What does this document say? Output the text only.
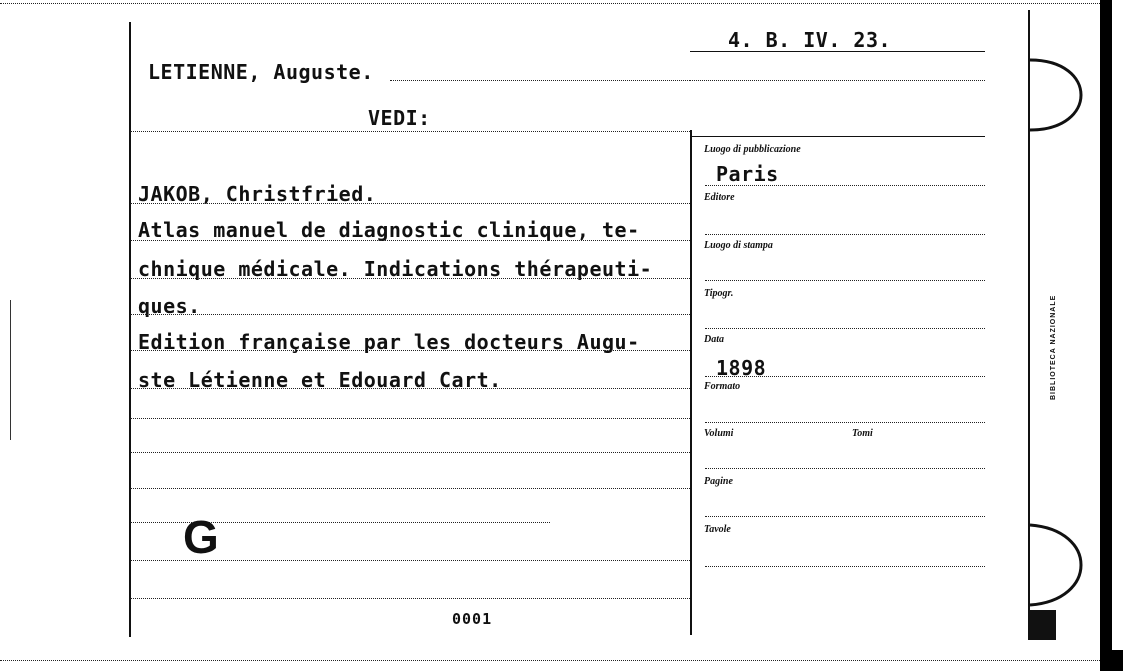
4. B. IV. 23.
LETIENNE, Auguste.
VEDI:
JAKOB, Christfried.
Atlas manuel de diagnostic clinique, te-
chnique médicale. Indications thérapeuti-
ques.
Edition française par les docteurs Augu-
ste Létienne et Edouard Cart.
G
0001
Luogo di pubblicazione
Paris
Editore
Luogo di stampa
Tipogr.
Data
1898
Formato
Volumi	Tomi
Pagine
Tavole
BIBLIOTECA NAZIONALE
